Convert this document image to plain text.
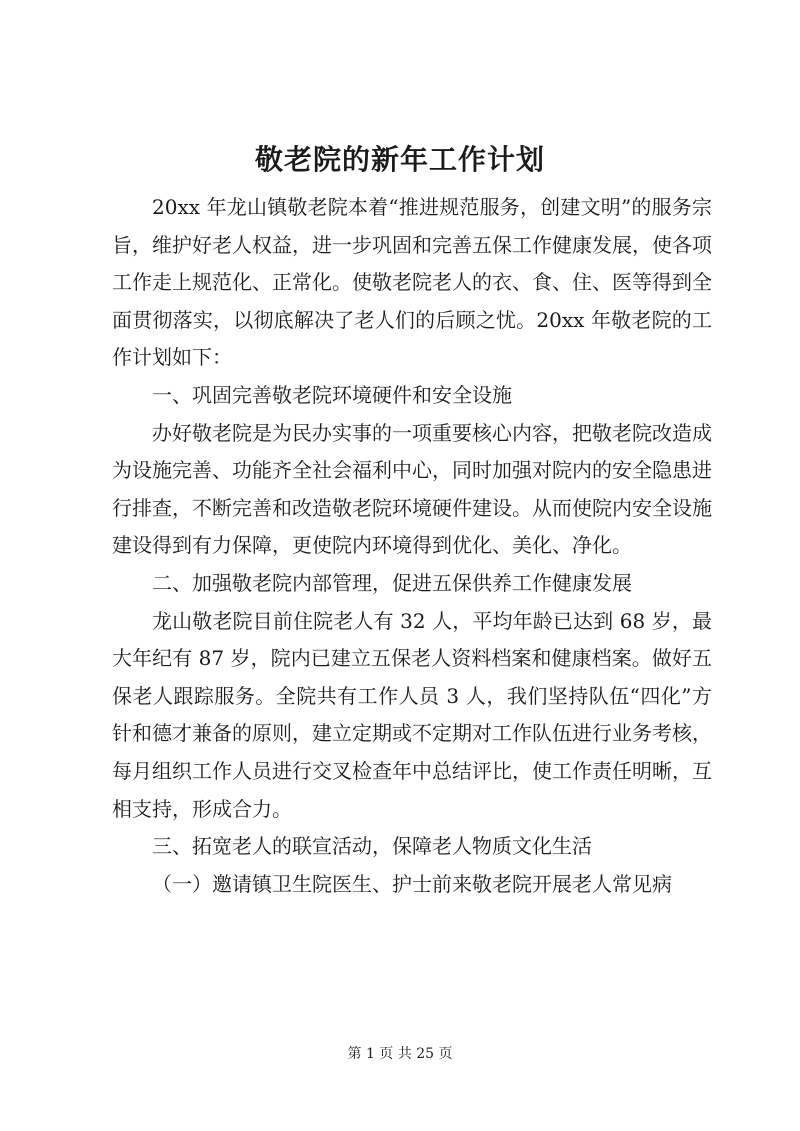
敬老院的新年工作计划

20xx 年龙山镇敬老院本着“推进规范服务，创建文明”的服务宗旨，维护好老人权益，进一步巩固和完善五保工作健康发展，使各项工作走上规范化、正常化。使敬老院老人的衣、食、住、医等得到全面贯彻落实，以彻底解决了老人们的后顾之忧。20xx 年敬老院的工作计划如下：

一、巩固完善敬老院环境硬件和安全设施

办好敬老院是为民办实事的一项重要核心内容，把敬老院改造成为设施完善、功能齐全社会福利中心，同时加强对院内的安全隐患进行排查，不断完善和改造敬老院环境硬件建设。从而使院内安全设施建设得到有力保障，更使院内环境得到优化、美化、净化。

二、加强敬老院内部管理，促进五保供养工作健康发展

龙山敬老院目前住院老人有 32 人，平均年龄已达到 68 岁，最大年纪有 87 岁，院内已建立五保老人资料档案和健康档案。做好五保老人跟踪服务。全院共有工作人员 3 人，我们坚持队伍“四化”方针和德才兼备的原则，建立定期或不定期对工作队伍进行业务考核，每月组织工作人员进行交叉检查年中总结评比，使工作责任明晰，互相支持，形成合力。

三、拓宽老人的联宣活动，保障老人物质文化生活

（一）邀请镇卫生院医生、护士前来敬老院开展老人常见病

第 1 页 共 25 页
